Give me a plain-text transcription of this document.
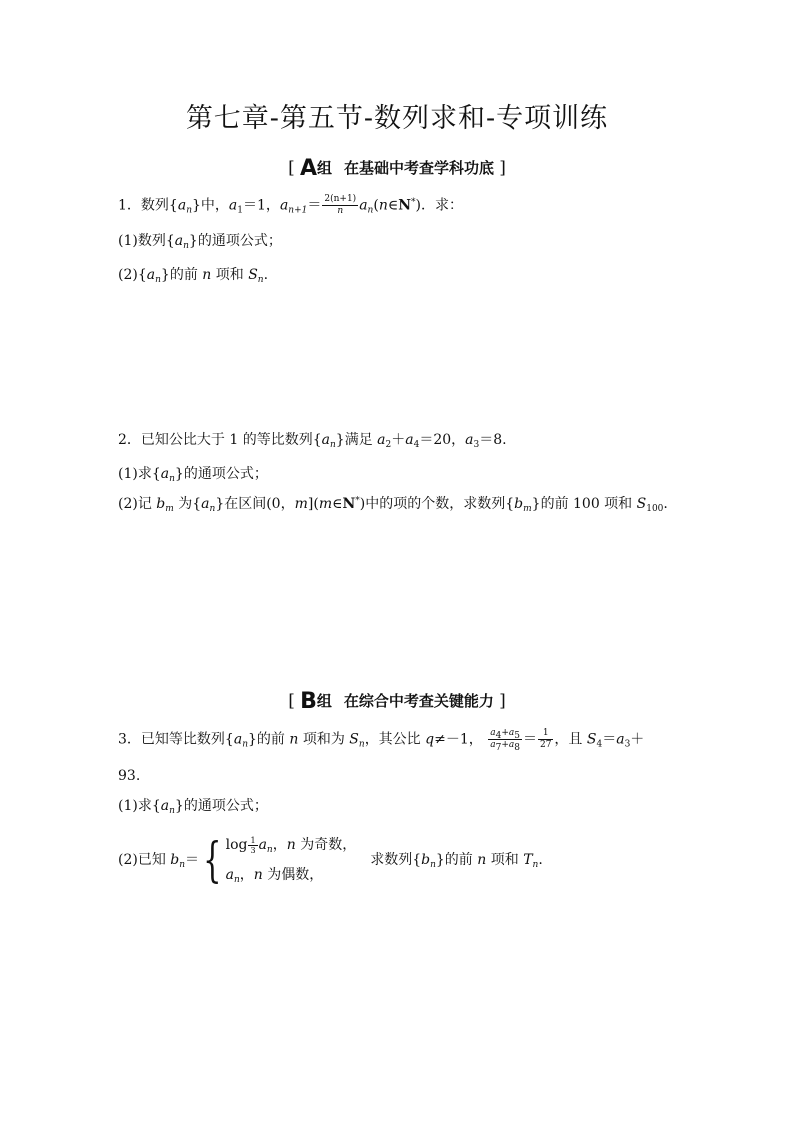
第七章-第五节-数列求和-专项训练
[ A组 在基础中考查学科功底 ]
1．数列$\{a_n\}$中，$a_1=1$，$a_{n+1}= \frac{2(n+1)}{n}$ $a_n(n\in N^*)$．求：
(1)数列$\{a_n\}$的通项公式；
$(2)\{a_n\}$的前 n 项和 $S_n$.
2．已知公比大于 1 的等比数列$\{a_n\}$满足 $a_2+a_4=20$，$a_3=8$.
(1)求$\{a_n\}$的通项公式；
(2)记 $b_m$ 为$\{a_n\}$在区间(0，m](m∈N*)中的项的个数，求数列$\{b_m\}$的前 100 项和 $S_{100}$.
[ B组 在综合中考查关键能力 ]
3．已知等比数列$\{a_n\}$的前 n 项和为 $S_n$，其公比 q≠－1， $\frac{a_4+a_5}{a_7+a_8} = \frac{1}{27}$ ，且 $S_4=a_3+$
93.
(1)求$\{a_n\}$的通项公式；
(2)已知 $b_n=${ $\log \frac{1}{3} a_n$，n 为奇数，
$a_n$，n 为偶数，
求数列$\{b_n\}$的前 n 项和 $T_n$.
